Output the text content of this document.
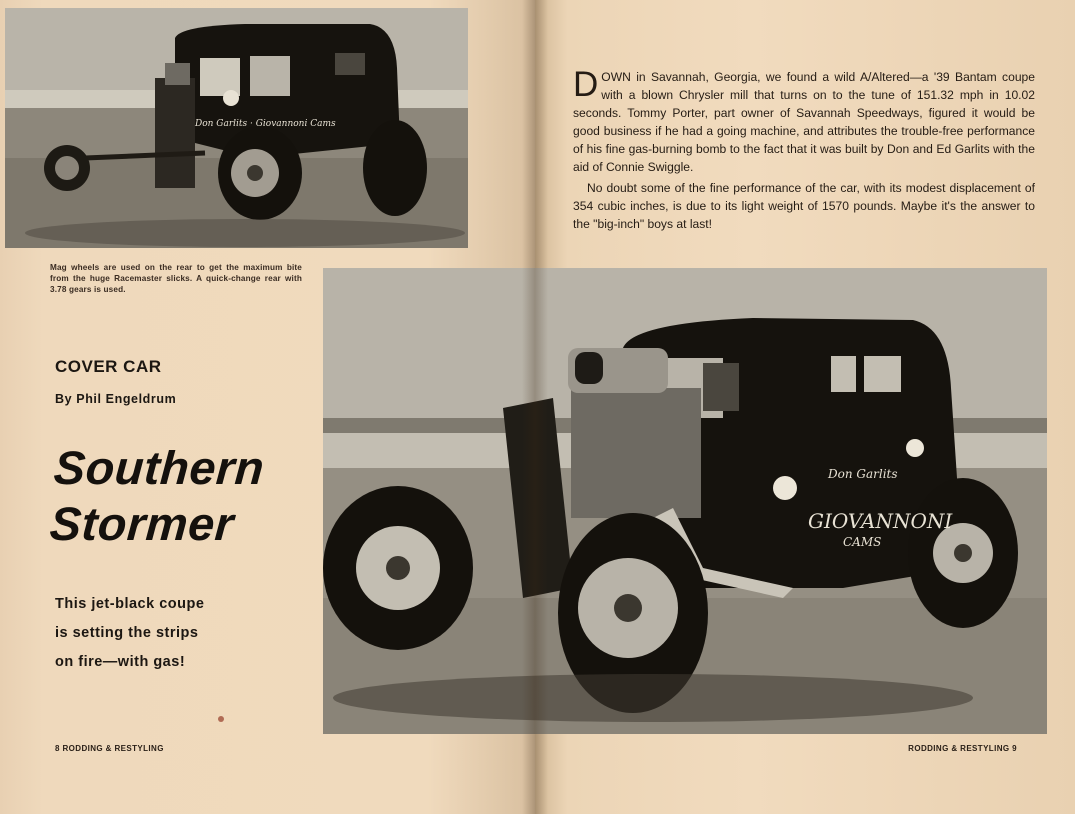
Don Garlits · Giovannoni Cams
Mag wheels are used on the rear to get the maximum bite from the huge Racemaster slicks. A quick-change rear with 3.78 gears is used.
COVER CAR
By Phil Engeldrum
Southern
Stormer
This jet-black coupe
is setting the strips
on fire—with gas!
8 RODDING & RESTYLING	RODDING & RESTYLING 9

DOWN in Savannah, Georgia, we found a wild A/Altered—a '39 Bantam coupe with a blown Chrysler mill that turns on to the tune of 151.32 mph in 10.02 seconds. Tommy Porter, part owner of Savannah Speedways, figured it would be good business if he had a going machine, and attributes the trouble-free performance of his fine gas-burning bomb to the fact that it was built by Don and Ed Garlits with the aid of Connie Swiggle.

No doubt some of the fine performance of the car, with its modest displacement of 354 cubic inches, is due to its light weight of 1570 pounds. Maybe it's the answer to the "big-inch" boys at last!

Don Garlits
GIOVANNONI
CAMS
